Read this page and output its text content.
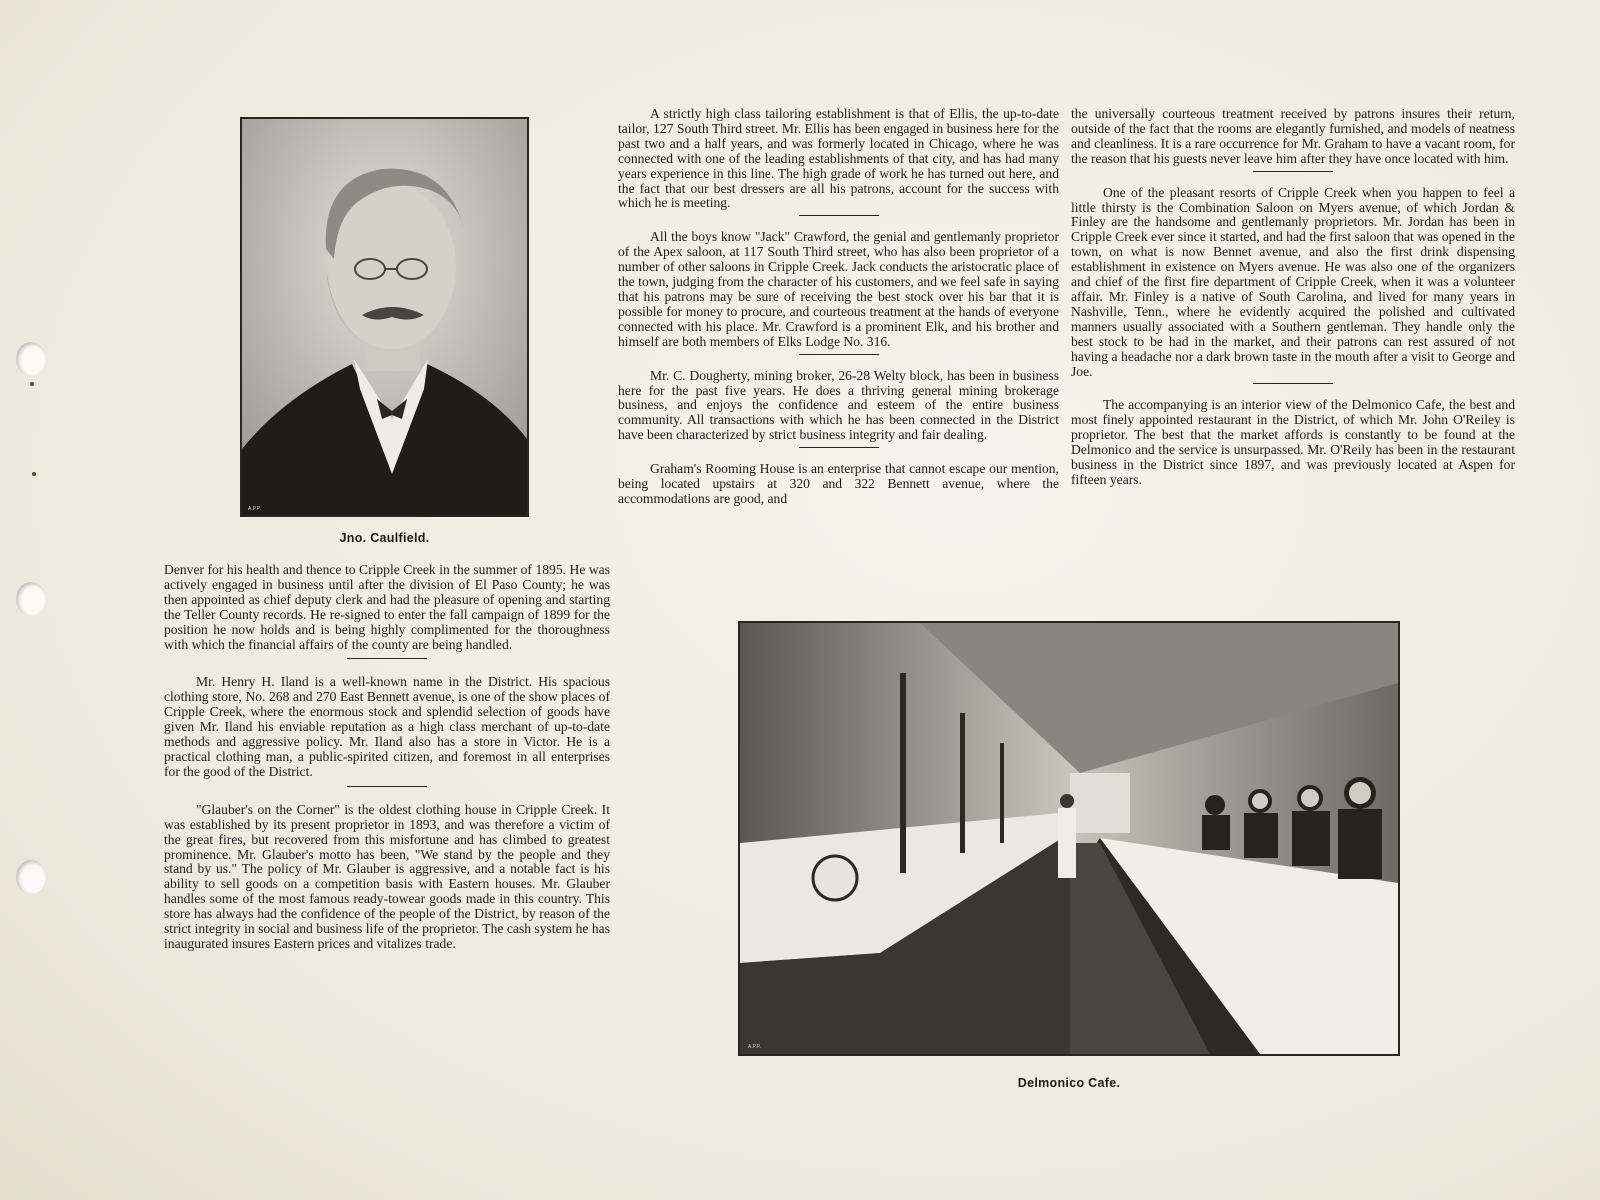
A.P.P.
Jno. Caulfield.

Denver for his health and thence to Cripple Creek in the summer of 1895. He was actively engaged in business until after the division of El Paso County; he was then appointed as chief deputy clerk and had the pleasure of opening and starting the Teller County records. He re-signed to enter the fall campaign of 1899 for the position he now holds and is being highly complimented for the thoroughness with which the financial affairs of the county are being handled.

Mr. Henry H. Iland is a well-known name in the District. His spacious clothing store, No. 268 and 270 East Bennett avenue, is one of the show places of Cripple Creek, where the enormous stock and splendid selection of goods have given Mr. Iland his enviable reputation as a high class merchant of up-to-date methods and aggressive policy. Mr. Iland also has a store in Victor. He is a practical clothing man, a public-spirited citizen, and foremost in all enterprises for the good of the District.

"Glauber's on the Corner" is the oldest clothing house in Cripple Creek. It was established by its present proprietor in 1893, and was therefore a victim of the great fires, but recovered from this misfortune and has climbed to greatest prominence. Mr. Glauber's motto has been, "We stand by the people and they stand by us." The policy of Mr. Glauber is aggressive, and a notable fact is his ability to sell goods on a competition basis with Eastern houses. Mr. Glauber handles some of the most famous ready-towear goods made in this country. This store has always had the confidence of the people of the District, by reason of the strict integrity in social and business life of the proprietor. The cash system he has inaugurated insures Eastern prices and vitalizes trade.

A strictly high class tailoring establishment is that of Ellis, the up-to-date tailor, 127 South Third street. Mr. Ellis has been engaged in business here for the past two and a half years, and was formerly located in Chicago, where he was connected with one of the leading establishments of that city, and has had many years experience in this line. The high grade of work he has turned out here, and the fact that our best dressers are all his patrons, account for the success with which he is meeting.

All the boys know "Jack" Crawford, the genial and gentlemanly proprietor of the Apex saloon, at 117 South Third street, who has also been proprietor of a number of other saloons in Cripple Creek. Jack conducts the aristocratic place of the town, judging from the character of his customers, and we feel safe in saying that his patrons may be sure of receiving the best stock over his bar that it is possible for money to procure, and courteous treatment at the hands of everyone connected with his place. Mr. Crawford is a prominent Elk, and his brother and himself are both members of Elks Lodge No. 316.

Mr. C. Dougherty, mining broker, 26-28 Welty block, has been in business here for the past five years. He does a thriving general mining brokerage business, and enjoys the confidence and esteem of the entire business community. All transactions with which he has been connected in the District have been characterized by strict business integrity and fair dealing.

Graham's Rooming House is an enterprise that cannot escape our mention, being located upstairs at 320 and 322 Bennett avenue, where the accommodations are good, and

the universally courteous treatment received by patrons insures their return, outside of the fact that the rooms are elegantly furnished, and models of neatness and cleanliness. It is a rare occurrence for Mr. Graham to have a vacant room, for the reason that his guests never leave him after they have once located with him.

One of the pleasant resorts of Cripple Creek when you happen to feel a little thirsty is the Combination Saloon on Myers avenue, of which Jordan & Finley are the handsome and gentlemanly proprietors. Mr. Jordan has been in Cripple Creek ever since it started, and had the first saloon that was opened in the town, on what is now Bennet avenue, and also the first drink dispensing establishment in existence on Myers avenue. He was also one of the organizers and chief of the first fire department of Cripple Creek, when it was a volunteer affair. Mr. Finley is a native of South Carolina, and lived for many years in Nashville, Tenn., where he evidently acquired the polished and cultivated manners usually associated with a Southern gentleman. They handle only the best stock to be had in the market, and their patrons can rest assured of not having a headache nor a dark brown taste in the mouth after a visit to George and Joe.

The accompanying is an interior view of the Delmonico Cafe, the best and most finely appointed restaurant in the District, of which Mr. John O'Reiley is proprietor. The best that the market affords is constantly to be found at the Delmonico and the service is unsurpassed. Mr. O'Reily has been in the restaurant business in the District since 1897, and was previously located at Aspen for fifteen years.

A.P.P.
Delmonico Cafe.
